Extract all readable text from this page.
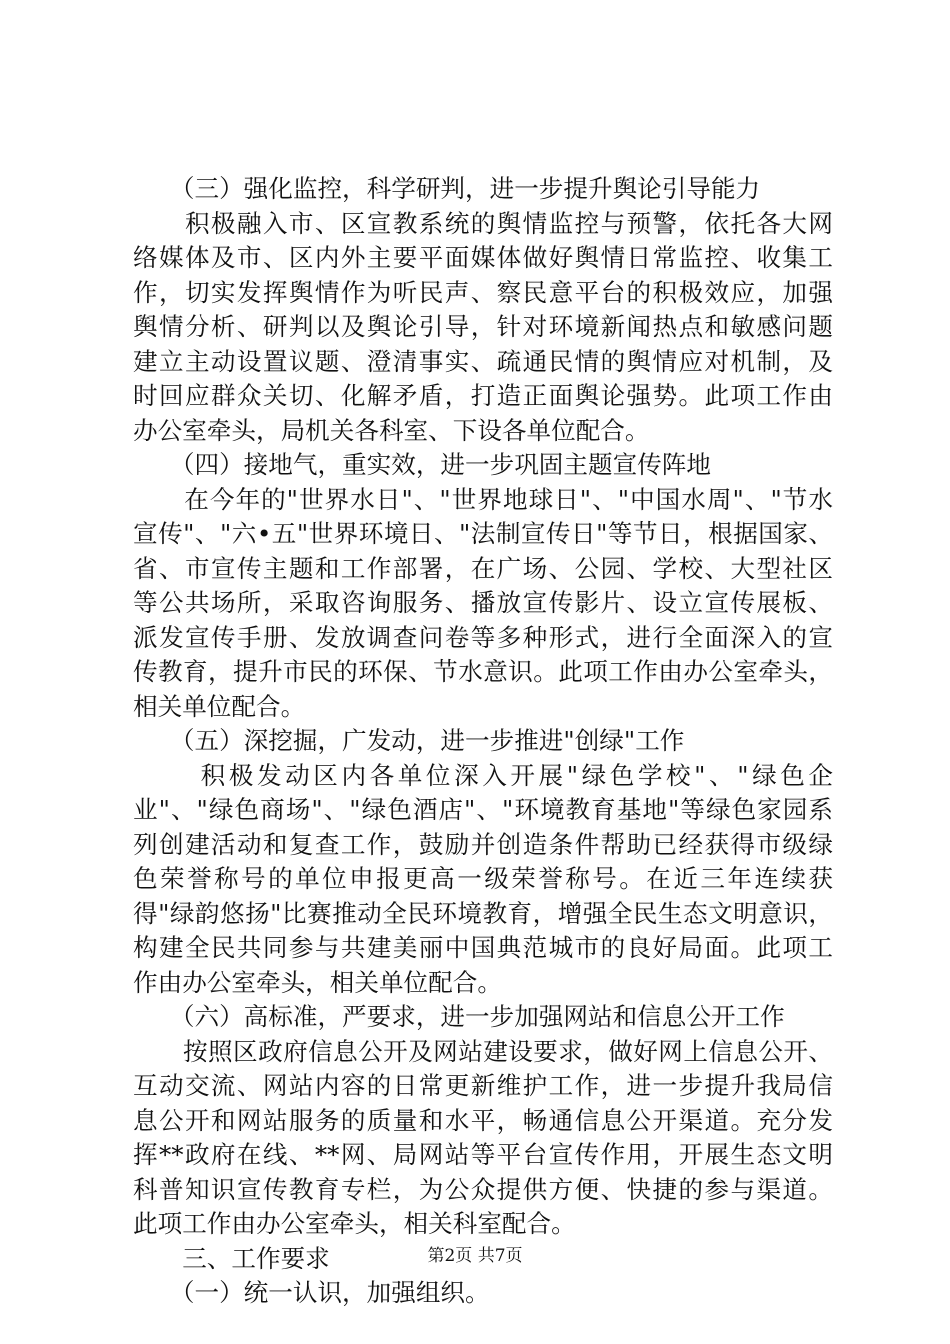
　　（三）强化监控，科学研判，进一步提升舆论引导能力
　　积极融入市、区宣教系统的舆情监控与预警，依托各大网
络媒体及市、区内外主要平面媒体做好舆情日常监控、收集工
作，切实发挥舆情作为听民声、察民意平台的积极效应，加强
舆情分析、研判以及舆论引导，针对环境新闻热点和敏感问题
建立主动设置议题、澄清事实、疏通民情的舆情应对机制，及
时回应群众关切、化解矛盾，打造正面舆论强势。此项工作由
办公室牵头，局机关各科室、下设各单位配合。
　　（四）接地气，重实效，进一步巩固主题宣传阵地
　　在今年的"世界水日"、"世界地球日"、"中国水周"、"节水
宣传"、"六•五"世界环境日、"法制宣传日"等节日，根据国家、
省、市宣传主题和工作部署，在广场、公园、学校、大型社区
等公共场所，采取咨询服务、播放宣传影片、设立宣传展板、
派发宣传手册、发放调查问卷等多种形式，进行全面深入的宣
传教育，提升市民的环保、节水意识。此项工作由办公室牵头，
相关单位配合。
　　（五）深挖掘，广发动，进一步推进"创绿"工作
　　 积极发动区内各单位深入开展"绿色学校"、"绿色企
业"、"绿色商场"、"绿色酒店"、"环境教育基地"等绿色家园系
列创建活动和复查工作，鼓励并创造条件帮助已经获得市级绿
色荣誉称号的单位申报更高一级荣誉称号。在近三年连续获
得"绿韵悠扬"比赛推动全民环境教育，增强全民生态文明意识，
构建全民共同参与共建美丽中国典范城市的良好局面。此项工
作由办公室牵头，相关单位配合。
　　（六）高标准，严要求，进一步加强网站和信息公开工作
　　按照区政府信息公开及网站建设要求，做好网上信息公开、
互动交流、网站内容的日常更新维护工作，进一步提升我局信
息公开和网站服务的质量和水平，畅通信息公开渠道。充分发
挥**政府在线、**网、局网站等平台宣传作用，开展生态文明
科普知识宣传教育专栏，为公众提供方便、快捷的参与渠道。
此项工作由办公室牵头，相关科室配合。
　　三、工作要求
　　（一）统一认识，加强组织。
第2页 共7页
